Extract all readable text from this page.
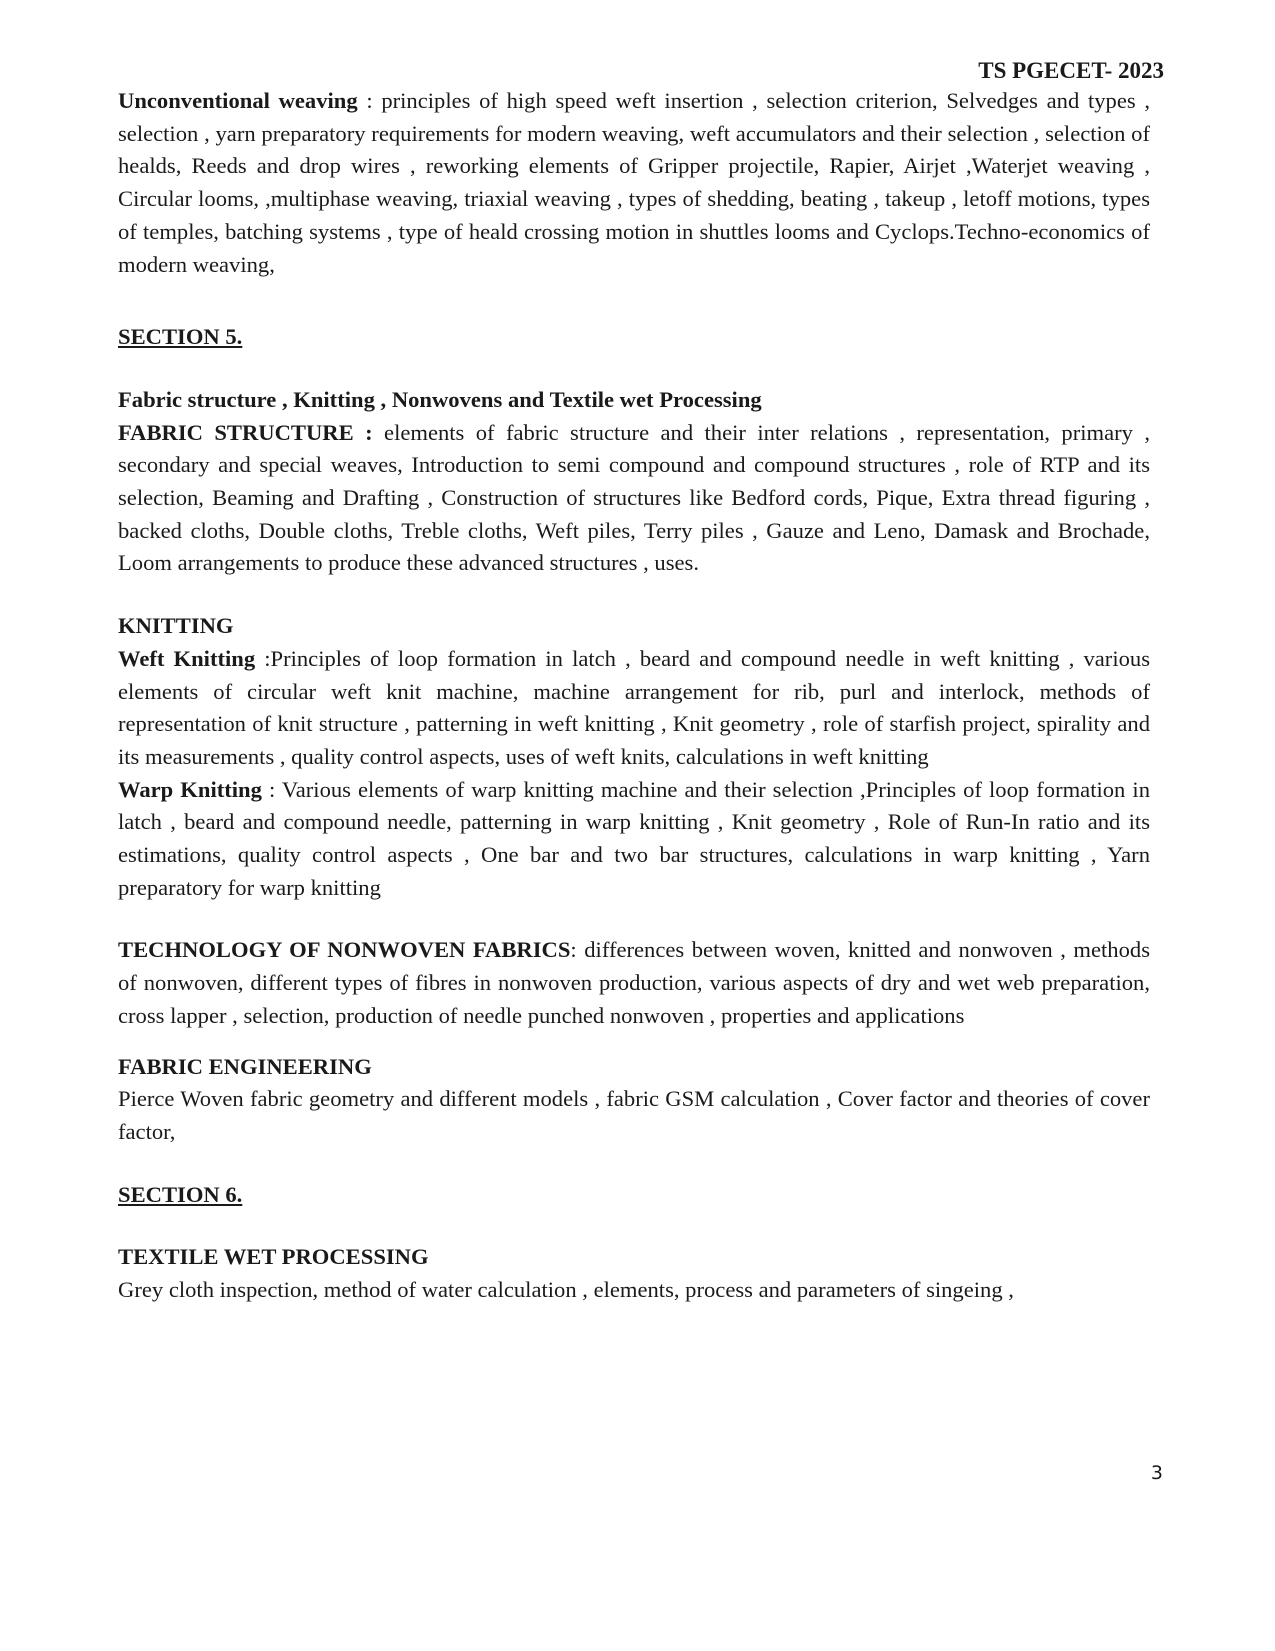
TS PGECET- 2023

Unconventional weaving : principles of high speed weft insertion , selection criterion, Selvedges and types , selection , yarn preparatory requirements for modern weaving, weft accumulators and their selection , selection of healds, Reeds and drop wires , reworking elements of Gripper projectile, Rapier, Airjet ,Waterjet weaving , Circular looms, ,multiphase weaving, triaxial weaving , types of shedding, beating , takeup , letoff motions, types of temples, batching systems , type of heald crossing motion in shuttles looms and Cyclops.Techno-economics of modern weaving,

SECTION 5.

Fabric structure , Knitting , Nonwovens and Textile wet Processing

FABRIC STRUCTURE : elements of fabric structure and their inter relations , representation, primary , secondary and special weaves, Introduction to semi compound and compound structures , role of RTP and its selection, Beaming and Drafting , Construction of structures like Bedford cords, Pique, Extra thread figuring , backed cloths, Double cloths, Treble cloths, Weft piles, Terry piles , Gauze and Leno, Damask and Brochade, Loom arrangements to produce these advanced structures , uses.

KNITTING

Weft Knitting :Principles of loop formation in latch , beard and compound needle in weft knitting , various elements of circular weft knit machine, machine arrangement for rib, purl and interlock, methods of representation of knit structure , patterning in weft knitting , Knit geometry , role of starfish project, spirality and its measurements , quality control aspects, uses of weft knits, calculations in weft knitting

Warp Knitting : Various elements of warp knitting machine and their selection ,Principles of loop formation in latch , beard and compound needle, patterning in warp knitting , Knit geometry , Role of Run-In ratio and its estimations, quality control aspects , One bar and two bar structures, calculations in warp knitting , Yarn preparatory for warp knitting

TECHNOLOGY OF NONWOVEN FABRICS: differences between woven, knitted and nonwoven , methods of nonwoven, different types of fibres in nonwoven production, various aspects of dry and wet web preparation, cross lapper , selection, production of needle punched nonwoven , properties and applications

FABRIC ENGINEERING

Pierce Woven fabric geometry and different models , fabric GSM calculation , Cover factor and theories of cover factor,

SECTION 6.

TEXTILE WET PROCESSING

Grey cloth inspection, method of water calculation , elements, process and parameters of singeing ,

3
